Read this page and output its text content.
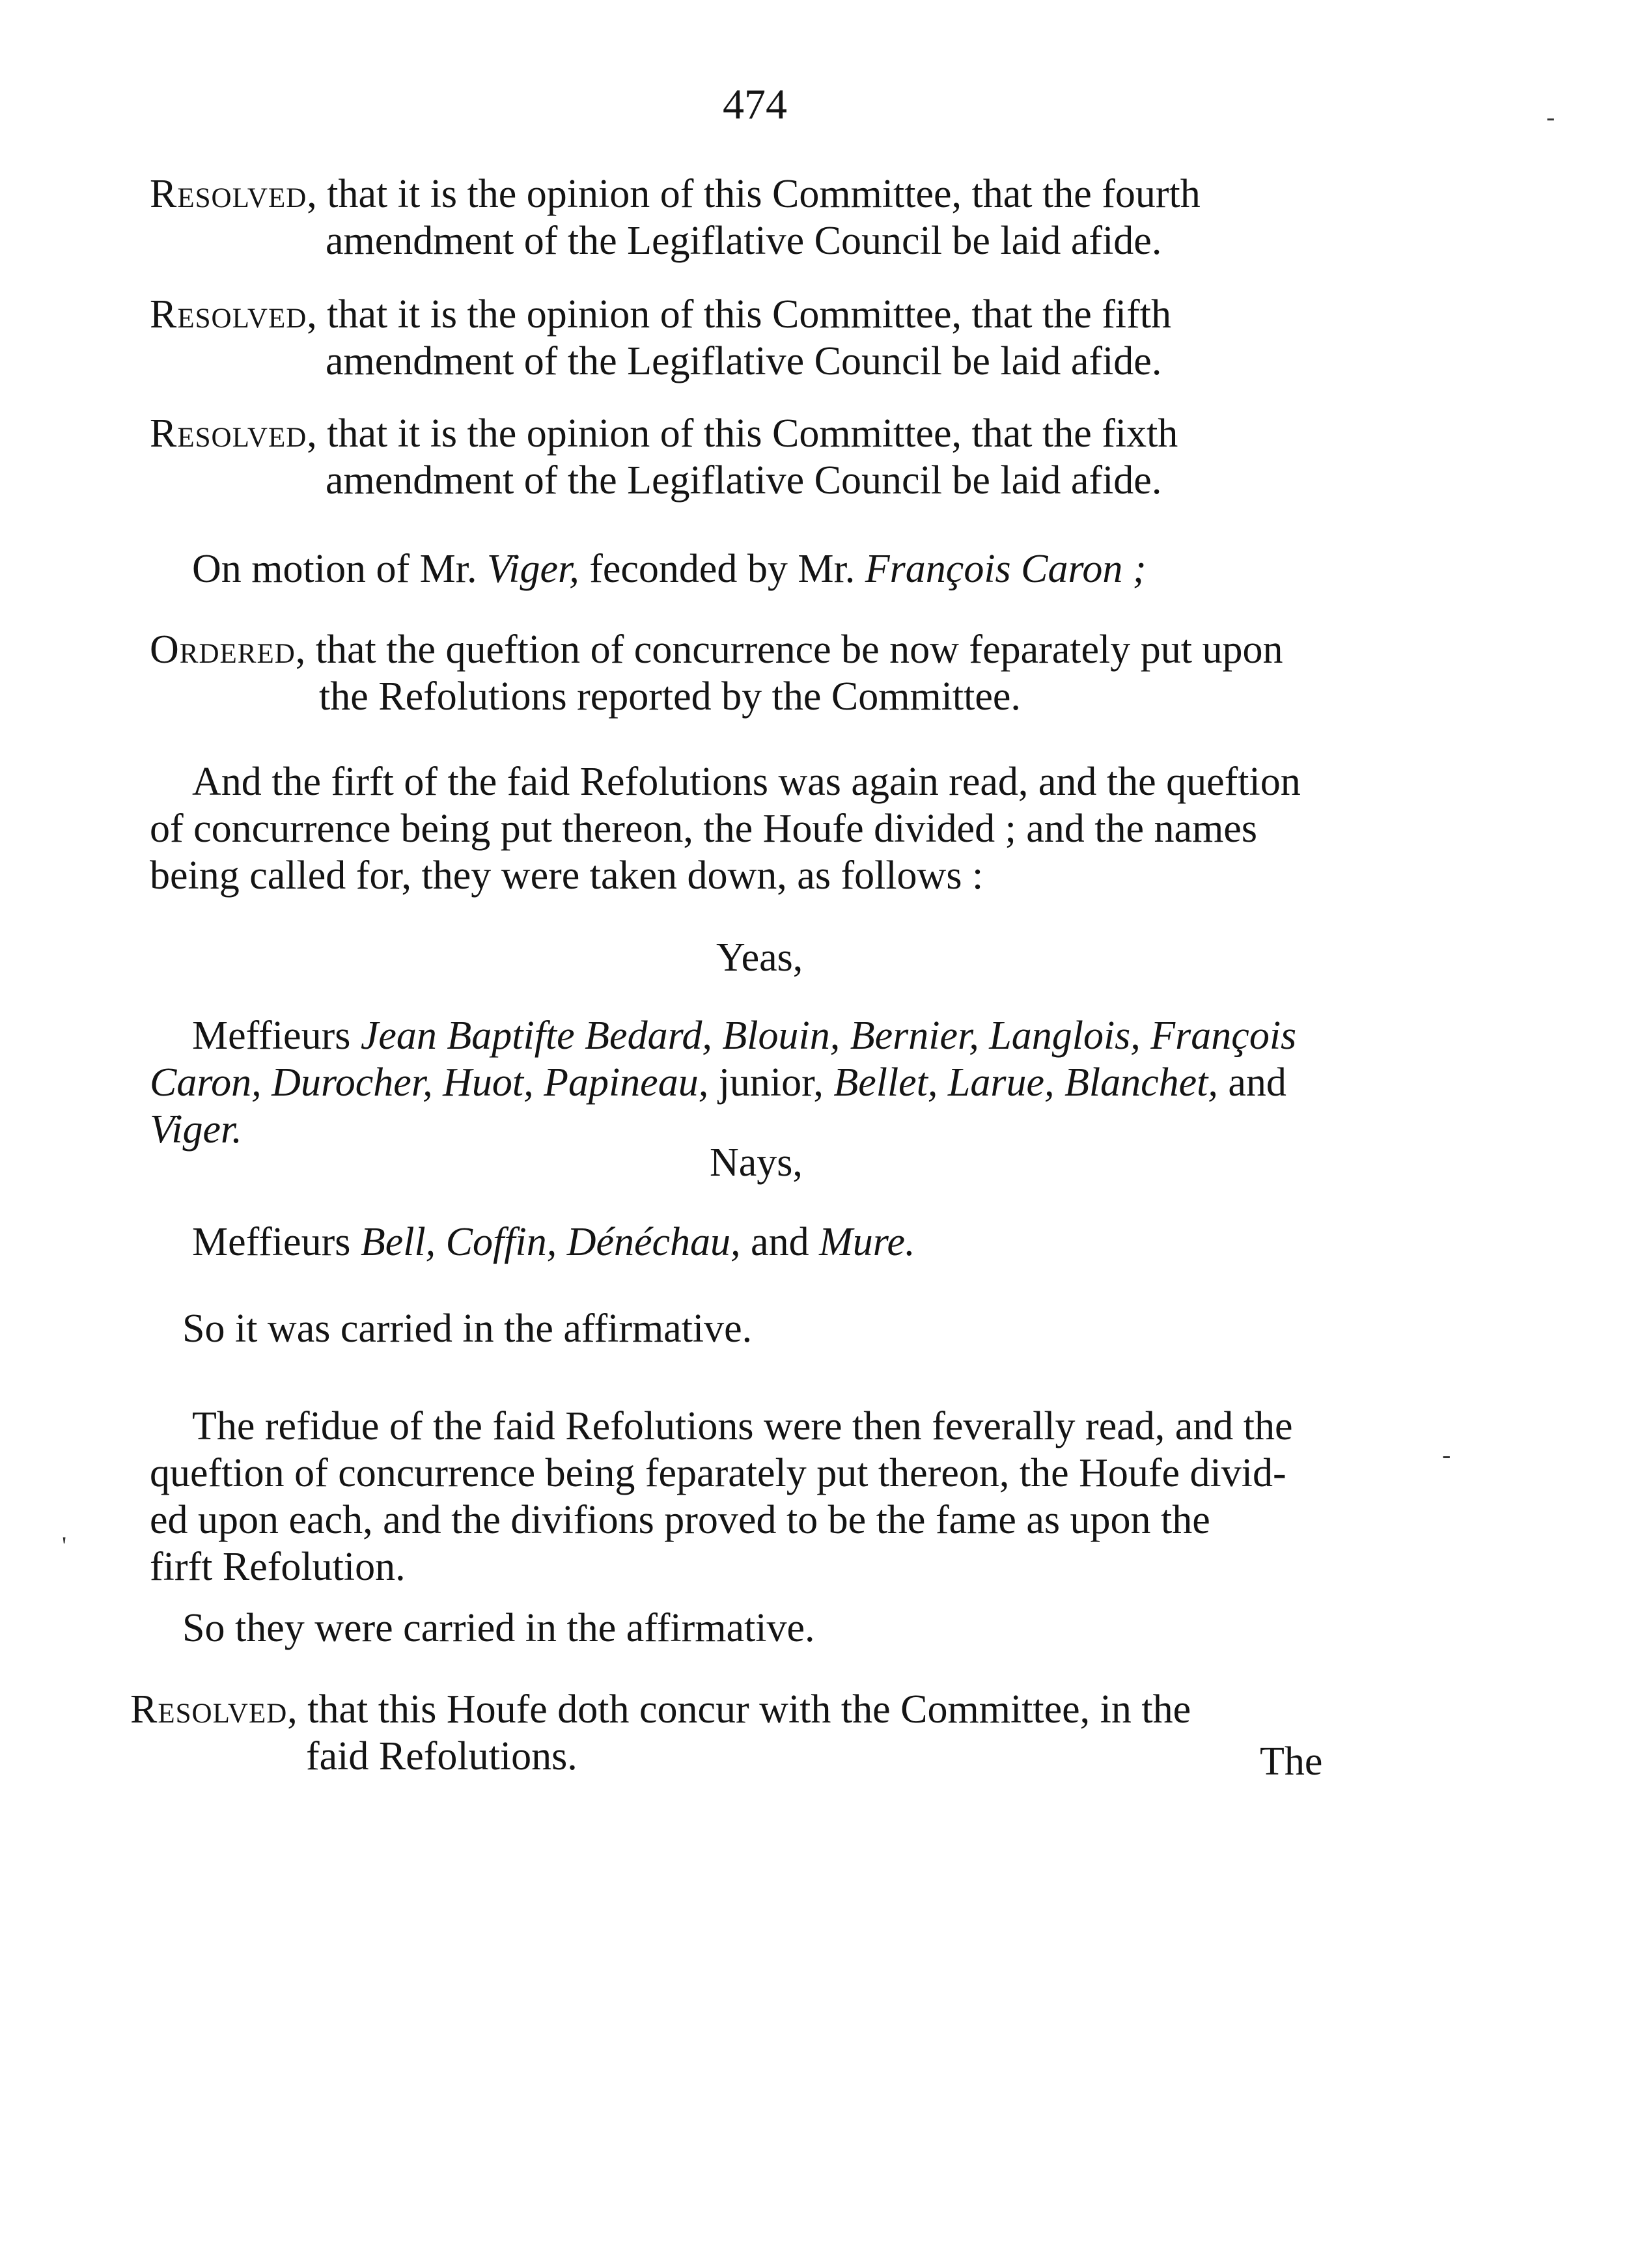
474
Resolved, that it is the opinion of this Committee, that the fourth
amendment of the Legiflative Council be laid afide.
Resolved, that it is the opinion of this Committee, that the fifth
amendment of the Legiflative Council be laid afide.
Resolved, that it is the opinion of this Committee, that the fixth
amendment of the Legiflative Council be laid afide.
On motion of Mr. Viger, feconded by Mr. François Caron ;
Ordered, that the queftion of concurrence be now feparately put upon
the Refolutions reported by the Committee.
And the firft of the faid Refolutions was again read, and the queftion
of concurrence being put thereon, the Houfe divided ; and the names
being called for, they were taken down, as follows :
Yeas,
Meffieurs Jean Baptifte Bedard, Blouin, Bernier, Langlois, François
Caron, Durocher, Huot, Papineau, junior, Bellet, Larue, Blanchet, and
Viger.
Nays,
Meffieurs Bell, Coffin, Dénéchau, and Mure.
So it was carried in the affirmative.
The refidue of the faid Refolutions were then feverally read, and the
queftion of concurrence being feparately put thereon, the Houfe divid-
ed upon each, and the divifions proved to be the fame as upon the
firft Refolution.
So they were carried in the affirmative.
Resolved, that this Houfe doth concur with the Committee, in the
faid Refolutions.	The
-
-
'
